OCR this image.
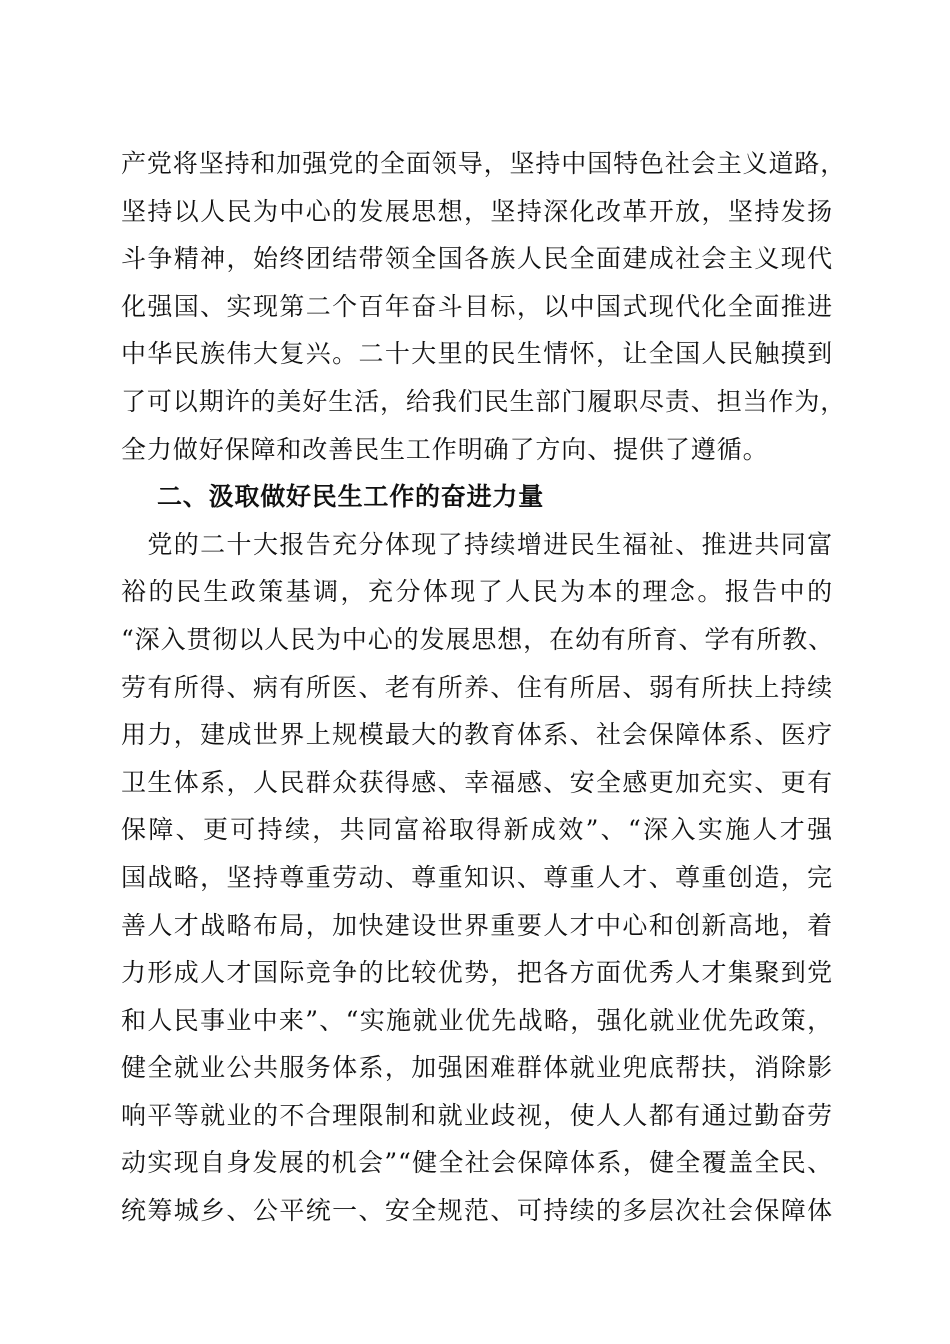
产党将坚持和加强党的全面领导，坚持中国特色社会主义道路，
坚持以人民为中心的发展思想，坚持深化改革开放，坚持发扬
斗争精神，始终团结带领全国各族人民全面建成社会主义现代
化强国、实现第二个百年奋斗目标，以中国式现代化全面推进
中华民族伟大复兴。二十大里的民生情怀，让全国人民触摸到
了可以期许的美好生活，给我们民生部门履职尽责、担当作为，
全力做好保障和改善民生工作明确了方向、提供了遵循。
二、汲取做好民生工作的奋进力量
　党的二十大报告充分体现了持续增进民生福祉、推进共同富
裕的民生政策基调，充分体现了人民为本的理念。报告中的
“深入贯彻以人民为中心的发展思想，在幼有所育、学有所教、
劳有所得、病有所医、老有所养、住有所居、弱有所扶上持续
用力，建成世界上规模最大的教育体系、社会保障体系、医疗
卫生体系，人民群众获得感、幸福感、安全感更加充实、更有
保障、更可持续，共同富裕取得新成效”、“深入实施人才强
国战略，坚持尊重劳动、尊重知识、尊重人才、尊重创造，完
善人才战略布局，加快建设世界重要人才中心和创新高地，着
力形成人才国际竞争的比较优势，把各方面优秀人才集聚到党
和人民事业中来”、“实施就业优先战略，强化就业优先政策，
健全就业公共服务体系，加强困难群体就业兜底帮扶，消除影
响平等就业的不合理限制和就业歧视，使人人都有通过勤奋劳
动实现自身发展的机会”“健全社会保障体系，健全覆盖全民、
统筹城乡、公平统一、安全规范、可持续的多层次社会保障体
